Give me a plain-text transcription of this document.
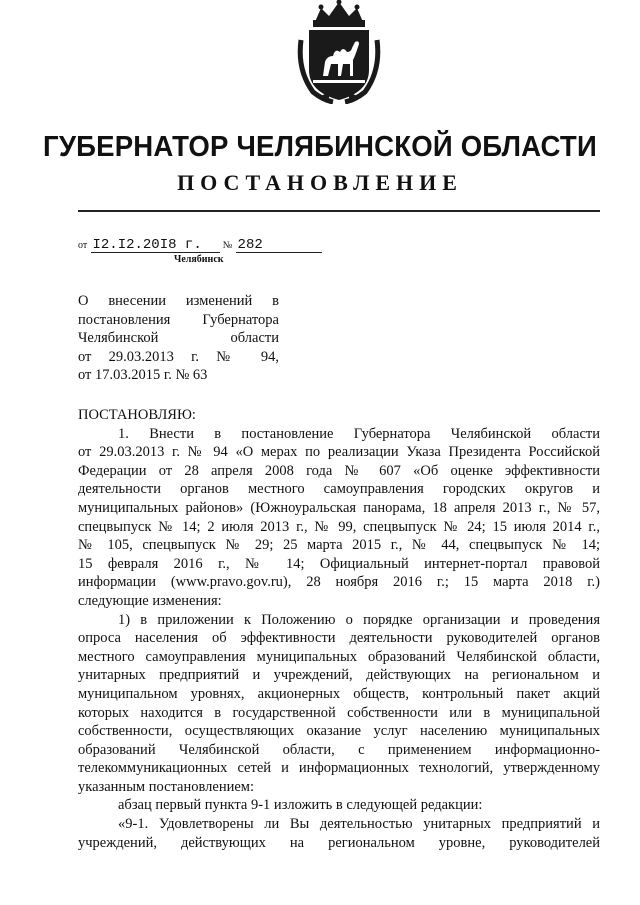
ГУБЕРНАТОР ЧЕЛЯБИНСКОЙ ОБЛАСТИ
ПОСТАНОВЛЕНИЕ
от I2.I2.20I8 г. № 282
Челябинск
О внесении изменений в
постановления Губернатора
Челябинской области
от 29.03.2013 г. № 94,
от 17.03.2015 г. № 63
ПОСТАНОВЛЯЮ:
1. Внести в постановление Губернатора Челябинской области
от 29.03.2013 г. № 94 «О мерах по реализации Указа Президента Российской
Федерации от 28 апреля 2008 года № 607 «Об оценке эффективности
деятельности органов местного самоуправления городских округов и
муниципальных районов» (Южноуральская панорама, 18 апреля 2013 г., № 57,
спецвыпуск № 14; 2 июля 2013 г., № 99, спецвыпуск № 24; 15 июля 2014 г.,
№ 105, спецвыпуск № 29; 25 марта 2015 г., № 44, спецвыпуск № 14;
15 февраля 2016 г., № 14; Официальный интернет-портал правовой
информации (www.pravo.gov.ru), 28 ноября 2016 г.; 15 марта 2018 г.)
следующие изменения:
1) в приложении к Положению о порядке организации и проведения
опроса населения об эффективности деятельности руководителей органов
местного самоуправления муниципальных образований Челябинской области,
унитарных предприятий и учреждений, действующих на региональном и
муниципальном уровнях, акционерных обществ, контрольный пакет акций
которых находится в государственной собственности или в муниципальной
собственности, осуществляющих оказание услуг населению муниципальных
образований Челябинской области, с применением информационно-
телекоммуникационных сетей и информационных технологий, утвержденному
указанным постановлением:
абзац первый пункта 9-1 изложить в следующей редакции:
«9-1. Удовлетворены ли Вы деятельностью унитарных предприятий и
учреждений, действующих на региональном уровне, руководителей
